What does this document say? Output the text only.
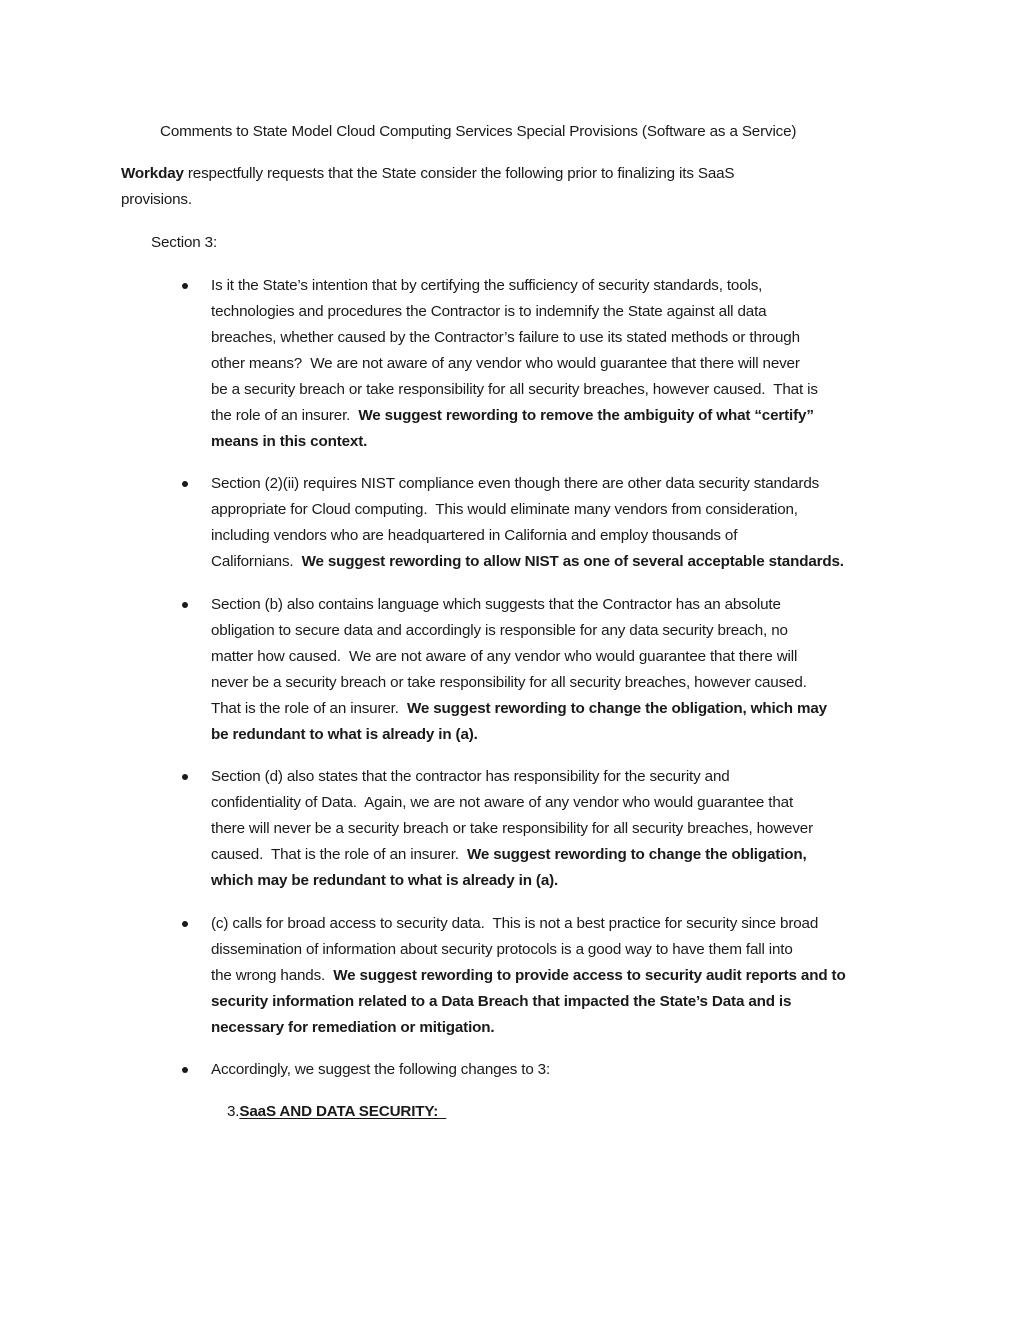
Comments to State Model Cloud Computing Services Special Provisions (Software as a Service)
Workday respectfully requests that the State consider the following prior to finalizing its SaaS
provisions.
Section 3:
Is it the State’s intention that by certifying the sufficiency of security standards, tools,
technologies and procedures the Contractor is to indemnify the State against all data
breaches, whether caused by the Contractor’s failure to use its stated methods or through
other means?  We are not aware of any vendor who would guarantee that there will never
be a security breach or take responsibility for all security breaches, however caused.  That is
the role of an insurer.  We suggest rewording to remove the ambiguity of what “certify”
means in this context.
Section (2)(ii) requires NIST compliance even though there are other data security standards
appropriate for Cloud computing.  This would eliminate many vendors from consideration,
including vendors who are headquartered in California and employ thousands of
Californians.  We suggest rewording to allow NIST as one of several acceptable standards.
Section (b) also contains language which suggests that the Contractor has an absolute
obligation to secure data and accordingly is responsible for any data security breach, no
matter how caused.  We are not aware of any vendor who would guarantee that there will
never be a security breach or take responsibility for all security breaches, however caused.
That is the role of an insurer.  We suggest rewording to change the obligation, which may
be redundant to what is already in (a).
Section (d) also states that the contractor has responsibility for the security and
confidentiality of Data.  Again, we are not aware of any vendor who would guarantee that
there will never be a security breach or take responsibility for all security breaches, however
caused.  That is the role of an insurer.  We suggest rewording to change the obligation,
which may be redundant to what is already in (a).
(c) calls for broad access to security data.  This is not a best practice for security since broad
dissemination of information about security protocols is a good way to have them fall into
the wrong hands.  We suggest rewording to provide access to security audit reports and to
security information related to a Data Breach that impacted the State’s Data and is
necessary for remediation or mitigation.
Accordingly, we suggest the following changes to 3:
3.SaaS AND DATA SECURITY:
